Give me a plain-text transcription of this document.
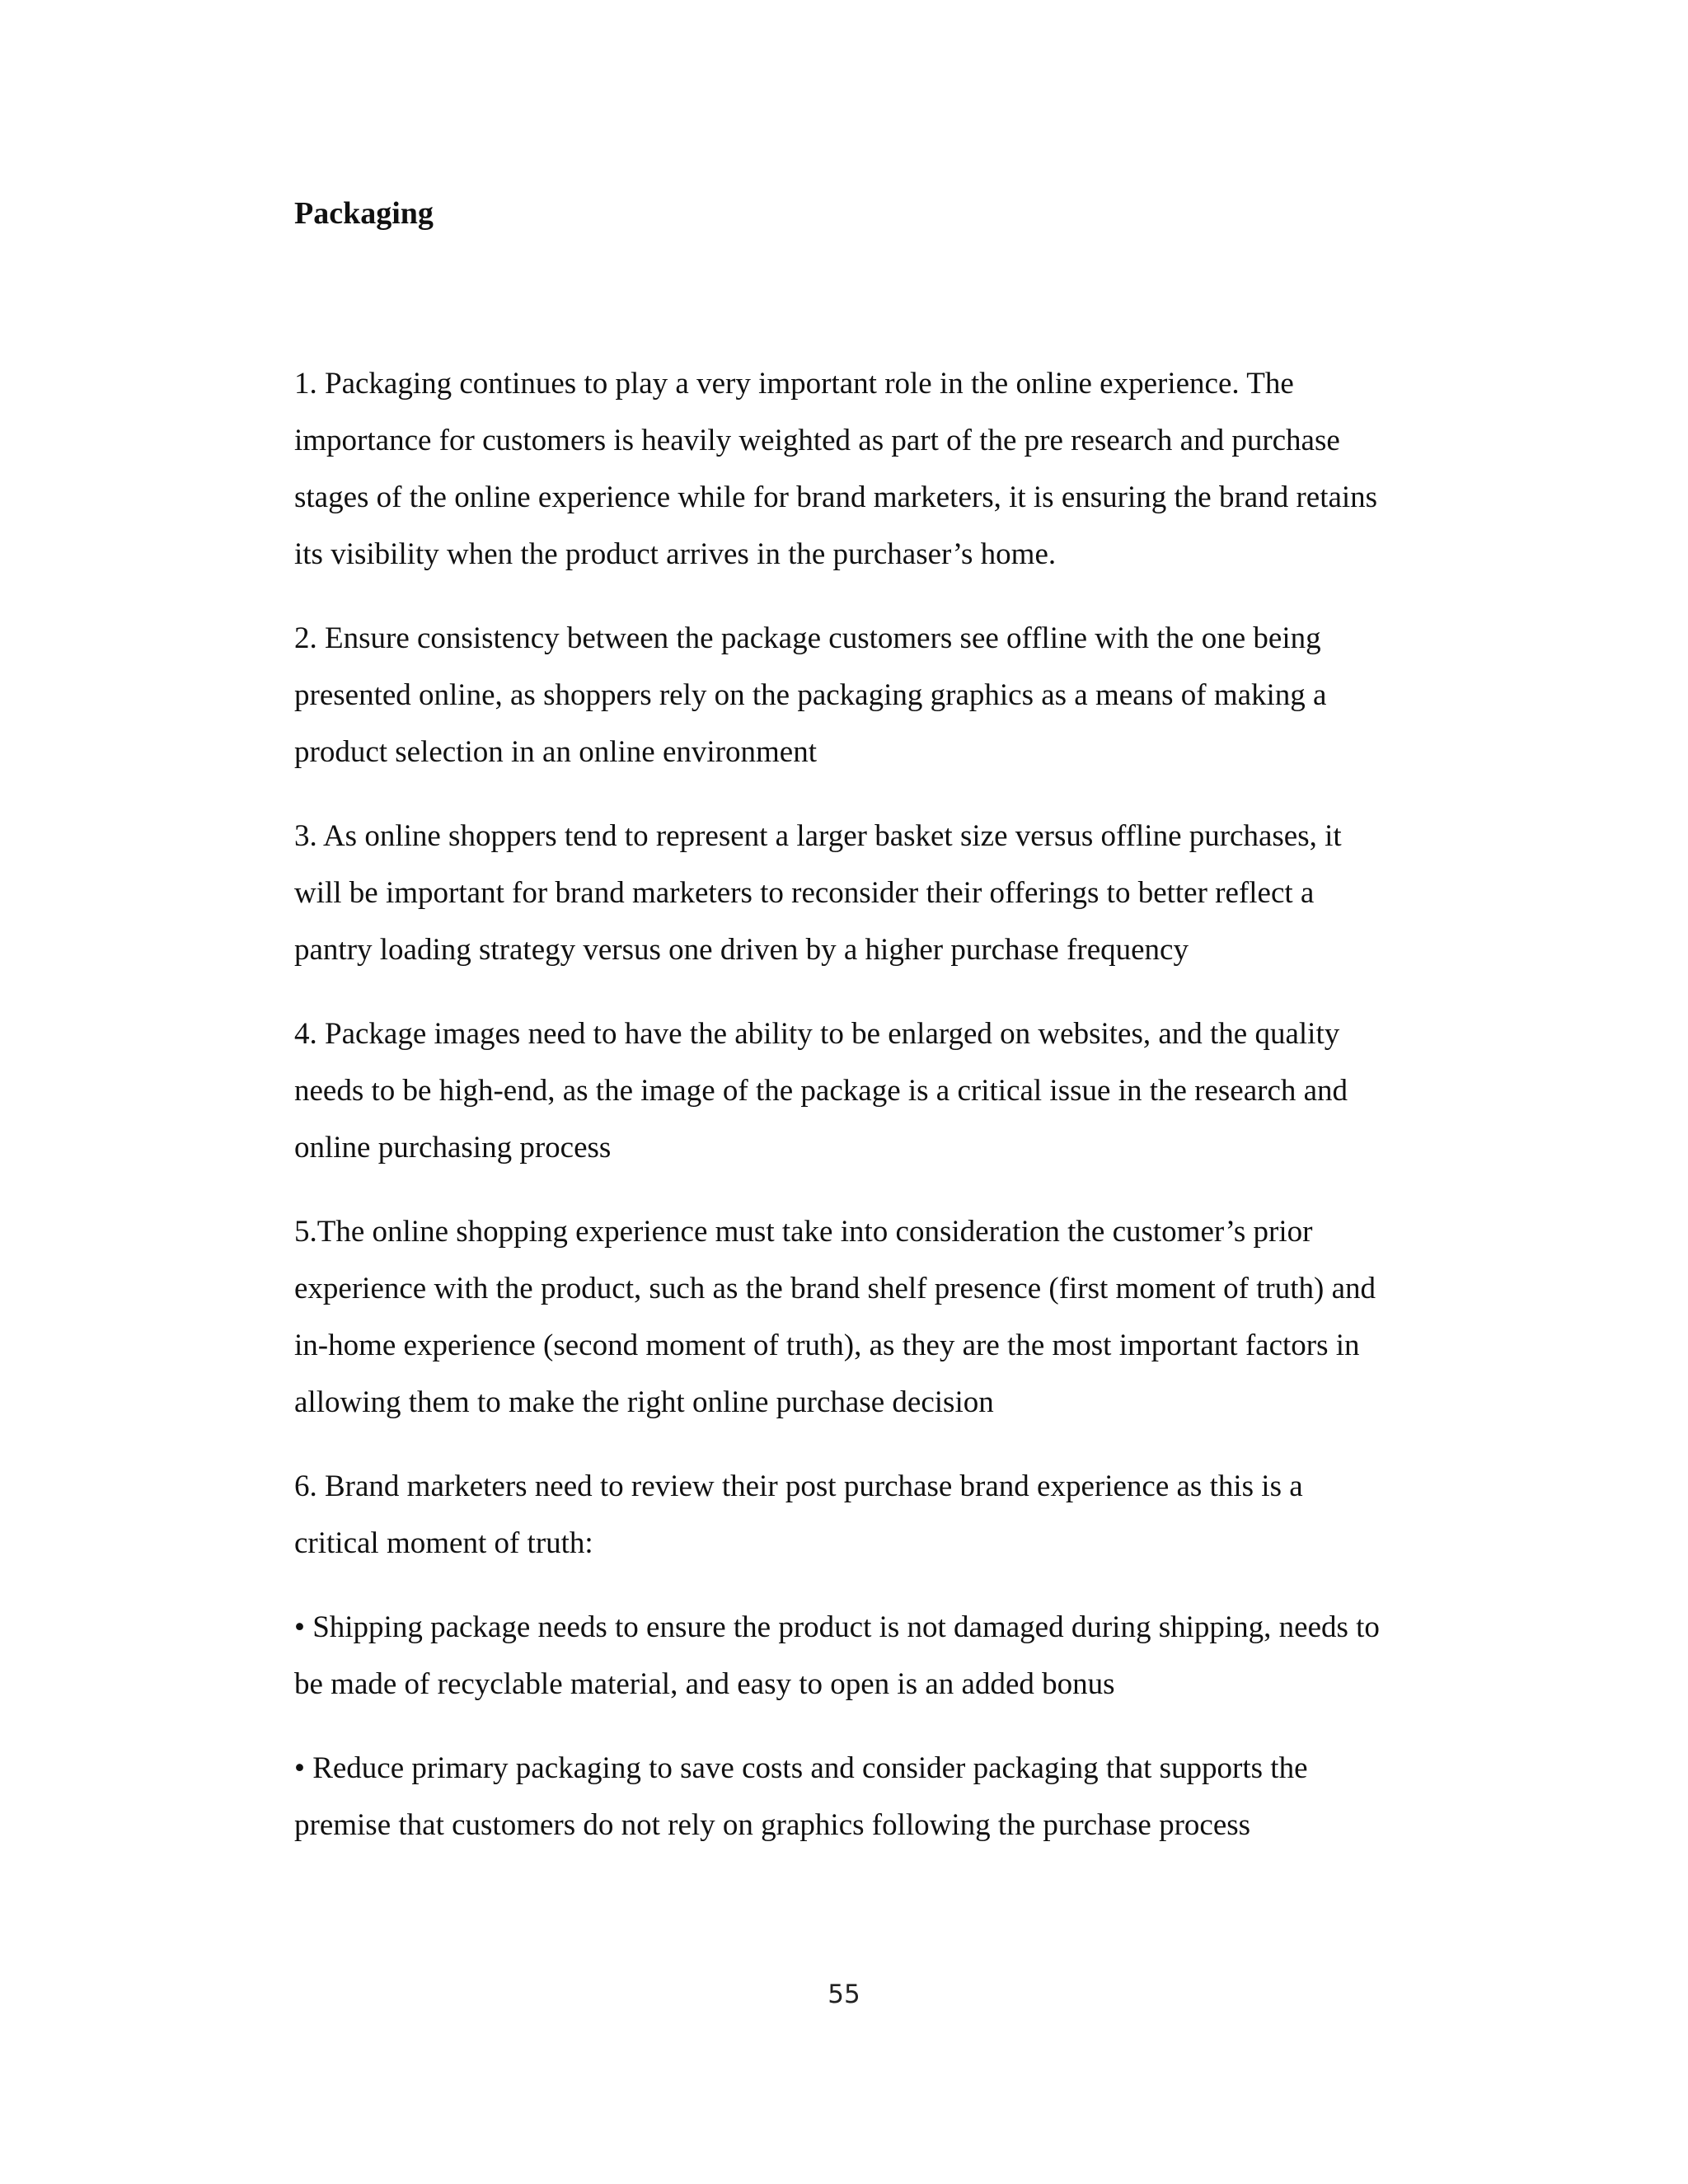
Packaging

1. Packaging continues to play a very important role in the online experience. The
importance for customers is heavily weighted as part of the pre research and purchase
stages of the online experience while for brand marketers, it is ensuring the brand retains
its visibility when the product arrives in the purchaser’s home.

2. Ensure consistency between the package customers see offline with the one being
presented online, as shoppers rely on the packaging graphics as a means of making a
product selection in an online environment

3. As online shoppers tend to represent a larger basket size versus offline purchases, it
will be important for brand marketers to reconsider their offerings to better reflect a
pantry loading strategy versus one driven by a higher purchase frequency

4. Package images need to have the ability to be enlarged on websites, and the quality
needs to be high-end, as the image of the package is a critical issue in the research and
online purchasing process

5.The online shopping experience must take into consideration the customer’s prior
experience with the product, such as the brand shelf presence (first moment of truth) and
in-home experience (second moment of truth), as they are the most important factors in
allowing them to make the right online purchase decision

6. Brand marketers need to review their post purchase brand experience as this is a
critical moment of truth:

• Shipping package needs to ensure the product is not damaged during shipping, needs to
be made of recyclable material, and easy to open is an added bonus

• Reduce primary packaging to save costs and consider packaging that supports the
premise that customers do not rely on graphics following the purchase process

55
